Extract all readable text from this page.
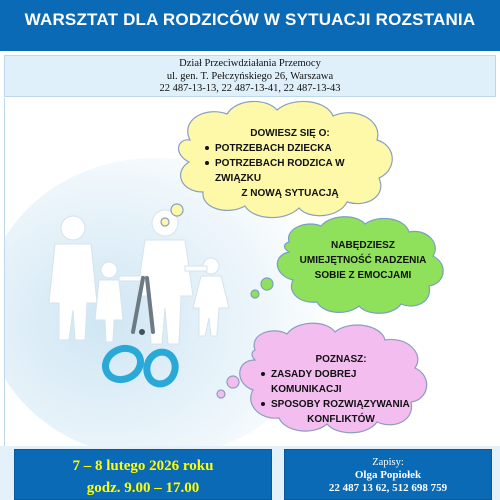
WARSZTAT DLA RODZICÓW W SYTUACJI ROZSTANIA
Dział Przeciwdziałania Przemocy
ul. gen. T. Pełczyńskiego 26, Warszawa
22 487-13-13, 22 487-13-41, 22 487-13-43
DOWIESZ SIĘ O:
POTRZEBACH DZIECKA
POTRZEBACH RODZICA W ZWIĄZKU
Z NOWĄ SYTUACJĄ
NABĘDZIESZ
UMIEJĘTNOŚĆ RADZENIA
SOBIE Z EMOCJAMI
POZNASZ:
ZASADY DOBREJ KOMUNIKACJI
SPOSOBY ROZWIĄZYWANIA
KONFLIKTÓW
7 – 8 lutego 2026 roku
godz. 9.00 – 17.00
Zapisy:
Olga Popiołek
22 487 13 62, 512 698 759
